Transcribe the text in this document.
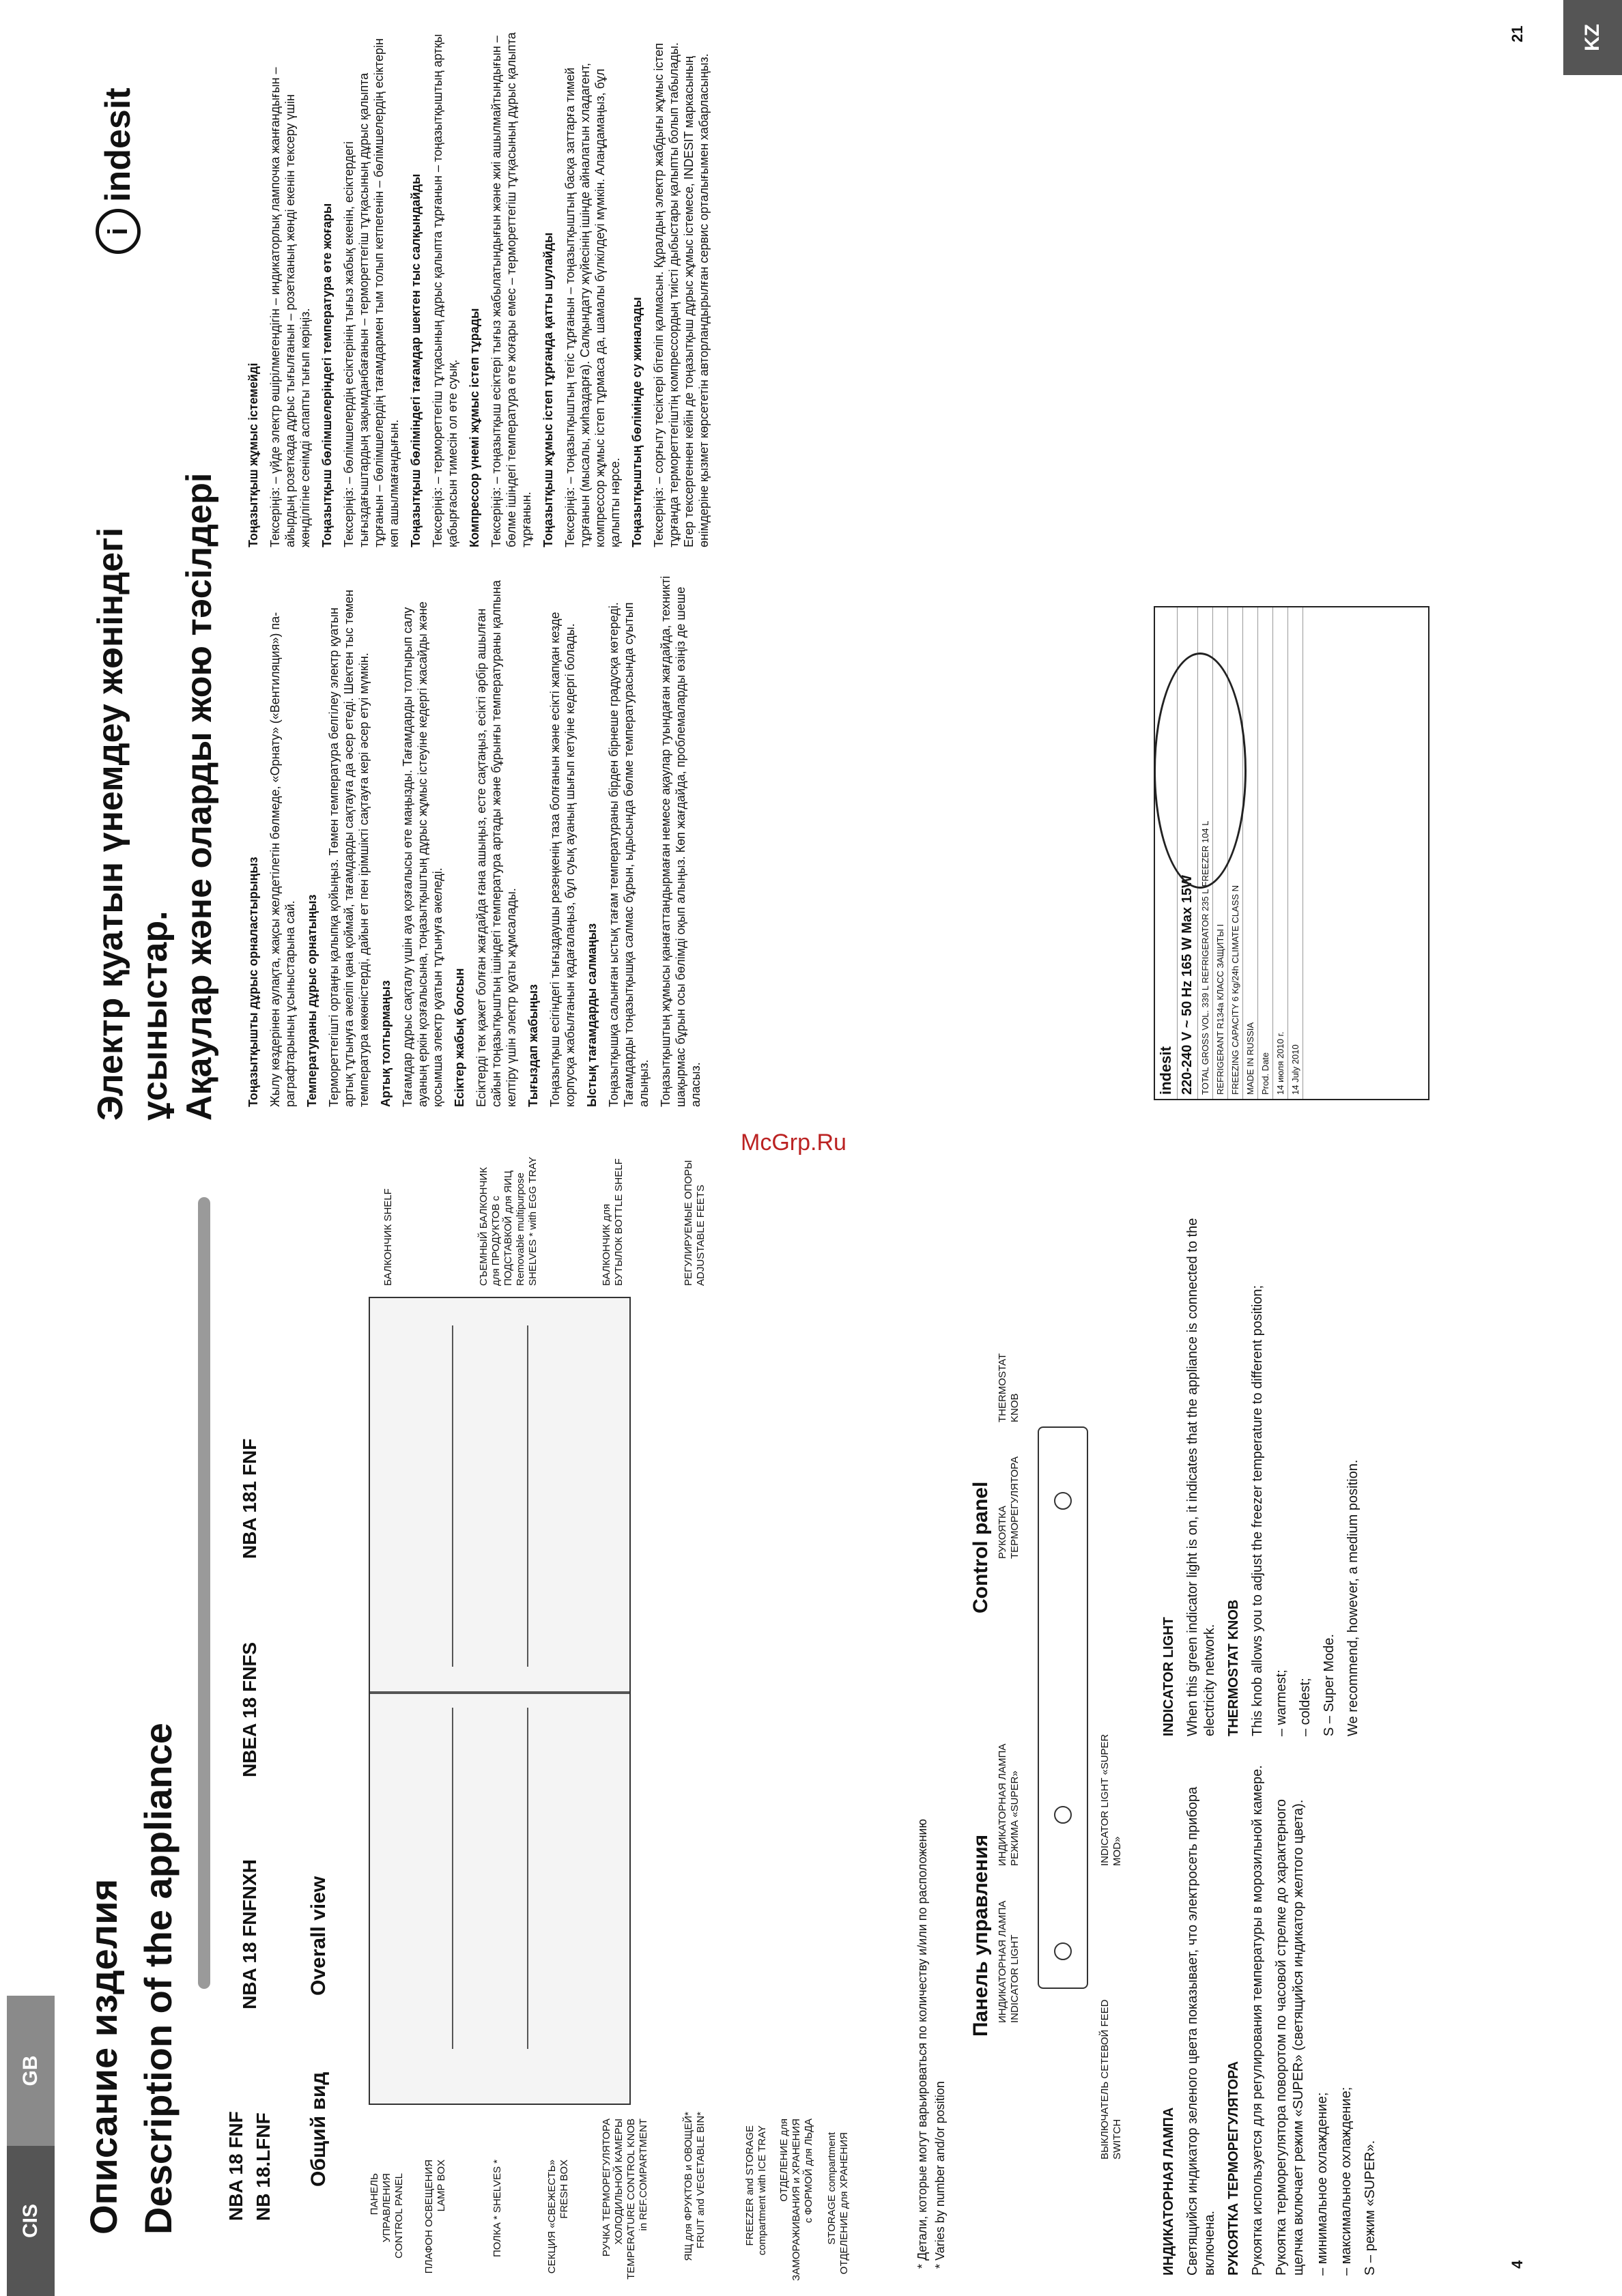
KZ
McGrp.Ru
CIS
GB Описание изделия Description of the appliance NBA 18 FNF NB 18.LFNF
NBA 18 FNFNXH
NBEA 18 FNFS
NBA 181 FNF
Общий вид
Overall view
ПАНЕЛЬ УПРАВЛЕНИЯ CONTROL PANEL ПЛАФОН ОСВЕЩЕНИЯ LAMP BOX	ПОЛКА * SHELVES *	СЕКЦИЯ «СВЕЖЕСТЬ» FRESH BOX	РУЧКА ТЕРМОРЕГУЛЯТОРА ХОЛОДИЛЬНОЙ КАМЕРЫ TEMPERATURE CONTROL KNOB in REF.COMPARTMENT	ЯЩ для ФРУКТОВ и ОВОЩЕЙ* FRUIT and VEGETABLE BIN*	FREEZER and STORAGE compartment with ICE TRAY ОТДЕЛЕНИЕ для ЗАМОРАЖИВАНИЯ и ХРАНЕНИЯ с ФОРМОЙ для ЛЬДА STORAGE compartment ОТДЕЛЕНИЕ для ХРАНЕНИЯ
БАЛКОНЧИК SHELF	СЪЕМНЫЙ БАЛКОНЧИК для ПРОДУКТОВ с ПОДСТАВКОЙ для ЯИЦ Removable multipurpose SHELVES * with EGG TRAY	БАЛКОНЧИК для БУТЫЛОК BOTTLE SHELF	РЕГУЛИРУЕМЫЕ ОПОРЫ ADJUSTABLE FEETS
* Детали, которые могут варьироваться по количеству и/или по расположению * Varies by number and/or position
Панель управления
Control panel
ВЫКЛЮЧАТЕЛЬ СЕТЕВОЙ FEED SWITCH
ИНДИКАТОРНАЯ ЛАМПА INDICATOR LIGHT
ИНДИКАТОРНАЯ ЛАМПА РЕЖИМА «SUPER»	INDICATOR LIGHT «SUPER MOD»
РУКОЯТКА ТЕРМОРЕГУЛЯТОРА
THERMOSTAT KNOB

ИНДИКАТОРНАЯ ЛАМПА Светящийся индикатор зеленого цвета показывает, что электросеть прибора включена. РУКОЯТКА ТЕРМОРЕГУЛЯТОРА Рукоятка используется для регулирования температуры в морозильной камере. Рукоятка терморегулятора поворотом по часовой стрелке до характерного щелчка включает режим «SUPER» (светящийся индикатор желтого цвета). – минимальное охлаждение; – максимальное охлаждение; S – режим «SUPER».

INDICATOR LIGHT When this green indicator light is on, it indicates that the appliance is connected to the electricity network. THERMOSTAT KNOB This knob allows you to adjust the freezer temperature to different position; – warmest; – coldest; S – Super Mode. We recommend, however, a medium position.

4
Электр қуатын үнемдеу жөніндегі ұсыныстар. Ақаулар және оларды жою тәсілдері
i
indesit

Тоңазытқышты дұрыс орналастырыңыз Жылу көздерінен аулақта, жақсы желдетілетін бөлмеде, «Орнату» («Вентиляция») па-раграфтарының ұсыныстарына сай. Температураны дұрыс орнатыңыз Термореттегішті ортаңғы қалыпқа қойыңыз. Төмен температура белгілеу электр қуатын артық тұтынуға әкеліп қана қоймай, тағамдарды сақтауға да әсер етеді. Шектен тыс төмен температура көкөністерді, дайын ет пен ірімшікті сақтауға кері әсер етуі мүмкін. Артық толтырмаңыз Тағамдар дұрыс сақталу үшін ауа қозғалысы өте маңызды. Тағамдарды толтырып салу ауаның еркін қозғалысына, тоңазытқыштың дұрыс жұмыс істеуіне кедергі жасайды және қосымша электр қуатын тұтынуға әкеледі. Есіктер жабық болсын Есіктерді тек қажет болған жағдайда ғана ашыңыз, есте сақтаңыз, есікті әрбір ашылған сайын тоңазытқыштың ішіндегі температура артады және бұрынғы температураны қалпына келтіру үшін электр қуаты жұмсалады. Тығыздап жабыңыз Тоңазытқыш есігіндегі тығыздаушы резеңкенің таза болғанын және есікті жапқан кезде корпусқа жабылғанын қадағалаңыз, бұл суық ауаның шығып кетуіне кедергі болады. Ыстық тағамдарды салмаңыз Тоңазытқышқа салынған ыстық тағам температураны бірден бірнеше градусқа көтереді. Тағамдарды тоңазытқышқа салмас бұрын, ыдысында бөлме температурасында суытып алыңыз. Тоңазытқыштың жұмысы қанағаттандырмаған немесе ақаулар туындаған жағдайда, техникті шақырмас бұрын осы бөлімді оқып алыңыз. Көп жағдайда, проблемаларды өзіңіз де шеше аласыз.

Тоңазытқыш жұмыс істемейді Тексеріңіз: – үйде электр өшірілмегендігін – индикаторлық лампочка жанғандығын – айырдың розеткада дұрыс тығылғанын – розетканың жөнді екенін тексеру үшін жөнділігіне сенімді аспапты тығып көріңіз. Тоңазытқыш бөлімшелеріндегі температура өте жоғары Тексеріңіз: – бөлімшелердің есіктерінің тығыз жабық екенін, есіктердегі тығыздағыштардың зақымданбағанын – термореттегіш тұтқасының дұрыс қалыпта тұрғанын – бөлімшелердің тағамдармен тым толып кетпегенін – бөлімшелердің есіктерін көп ашылмағандығын. Тоңазытқыш бөліміндегі тағамдар шектен тыс салқындайды Тексеріңіз: – термореттегіш тұтқасының дұрыс қалыпта тұрғанын – тоңазытқыштың артқы қабырғасын тимесін ол өте суық. Компрессор үнемі жұмыс істеп тұрады Тексеріңіз: – тоңазытқыш есіктері тығыз жабылатындығын және жиі ашылмайтындығын – бөлме ішіндегі температура өте жоғары емес – термореттегіш тұтқасының дұрыс қалыпта тұрғанын. Тоңазытқыш жұмыс істеп тұрғанда қатты шулайды Тексеріңіз: – тоңазытқыштың тегіс тұрғанын – тоңазытқыштың басқа заттарға тимей тұрғанын (мысалы, жиһаздарға). Салқындату жүйесінің ішінде айналатын хладагент, компрессор жұмыс істеп тұрмаса да, шамалы бүлкілдеуі мүмкін. Алаңдамаңыз, бұл қалыпты нәрсе. Тоңазытқыштың бөлімінде су жиналады Тексеріңіз: – сорғыту тесіктері бітеліп қалмасын. Құралдың электр жабдығы жұмыс істеп тұрғанда термореттегіштің компрессордың тиісті дыбыстары қалыпты болып табылады. Егер тексергеннен кейін де тоңазытқыш дұрыс жұмыс істемесе, INDESIT маркасының өнімдеріне қызмет көрсететін авторландырылған сервис орталығымен хабарласыңыз.

indesit 220-240 V ~ 50 Hz 165 W Max 15W TOTAL GROSS VOL. 339 L REFRIGERATOR 235 L FREEZER 104 L REFRIGERANT R134a КЛАСС ЗАЩИТЫ I FREEZING CAPACITY 6 Kg/24h CLIMATE CLASS N MADE IN RUSSIA Prod. Date 14 июля 2010 г. 14 July 2010
21
